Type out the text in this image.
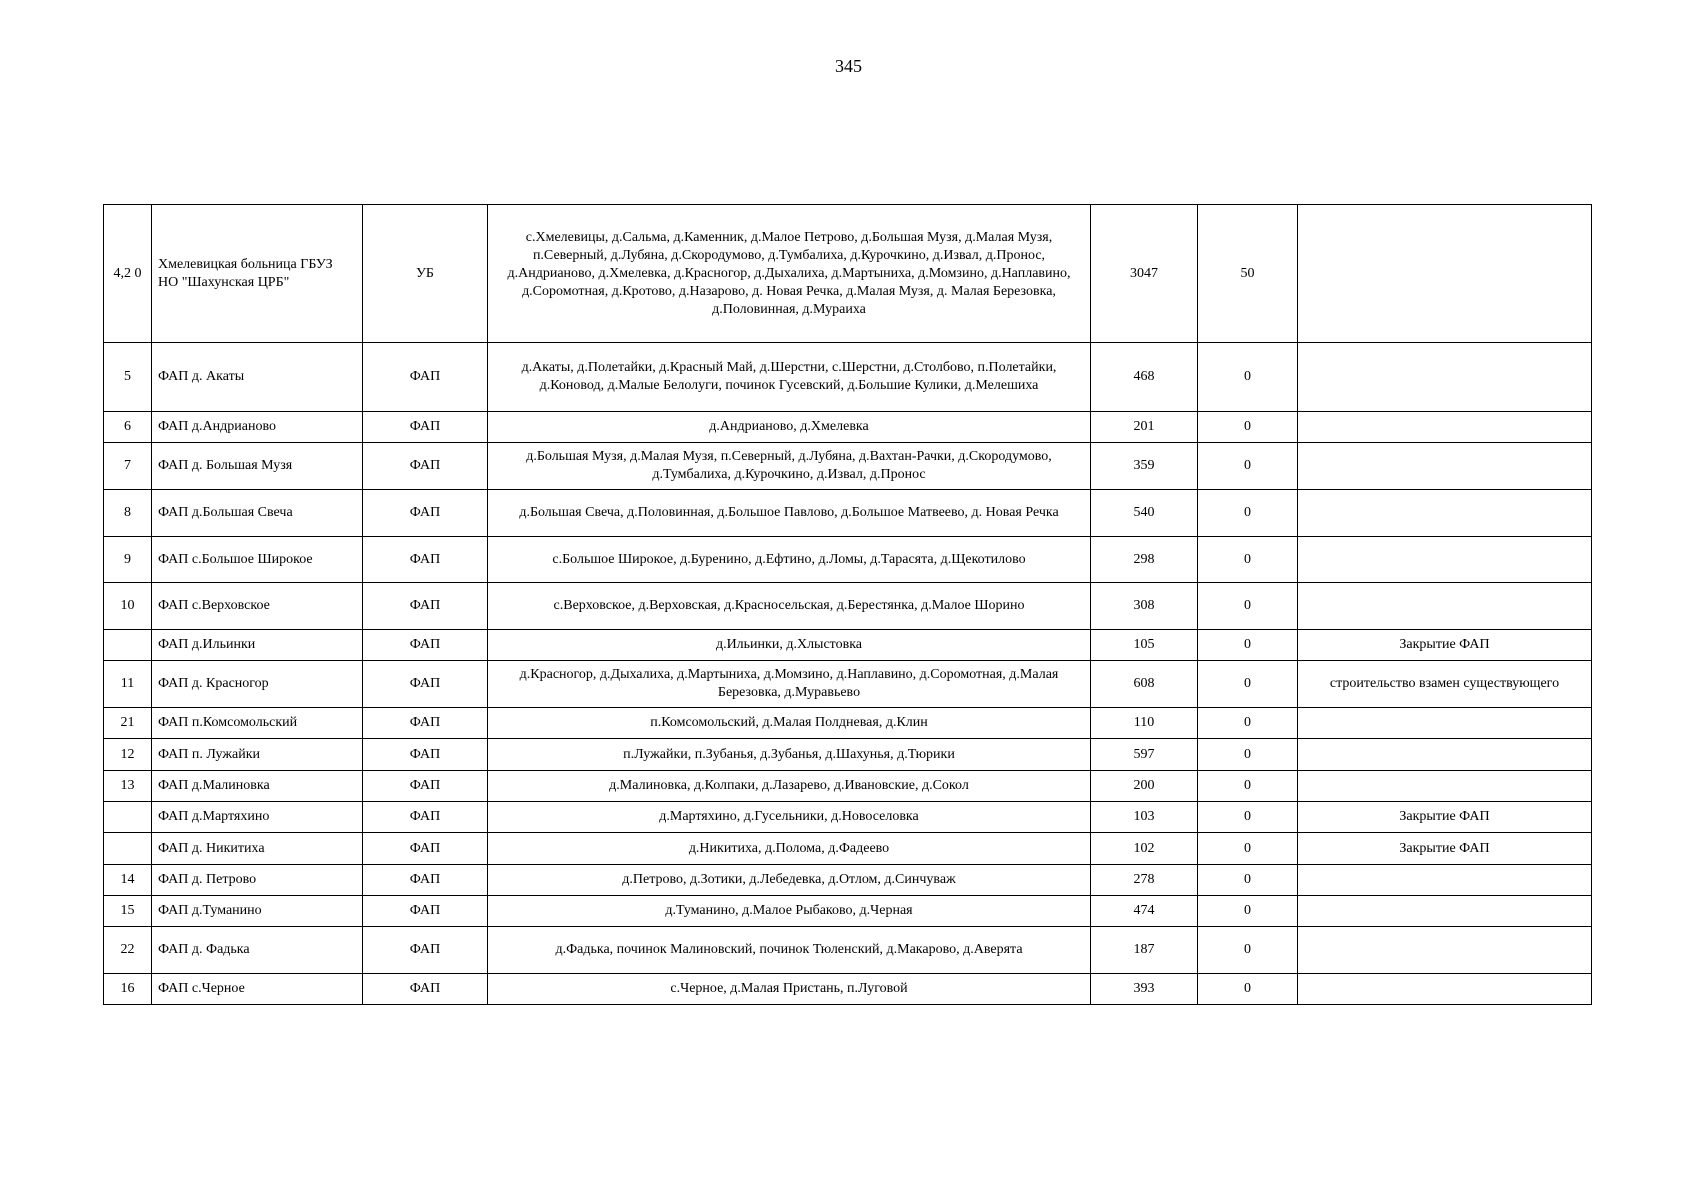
345
4,2 0	Хмелевицкая больница ГБУЗ НО "Шахунская ЦРБ"	УБ	с.Хмелевицы, д.Сальма, д.Каменник, д.Малое Петрово, д.Большая Музя, д.Малая Музя, п.Северный, д.Лубяна, д.Скородумово, д.Тумбалиха, д.Курочкино, д.Извал, д.Пронос, д.Андрианово, д.Хмелевка, д.Красногор, д.Дыхалиха, д.Мартыниха, д.Момзино, д.Наплавино, д.Соромотная, д.Кротово, д.Назарово, д. Новая Речка, д.Малая Музя, д. Малая Березовка, д.Половинная, д.Мураиха	3047	50	
5	ФАП д. Акаты	ФАП	д.Акаты, д.Полетайки, д.Красный Май, д.Шерстни, с.Шерстни, д.Столбово, п.Полетайки, д.Коновод, д.Малые Белолуги, починок Гусевский, д.Большие Кулики, д.Мелешиха	468	0	
6	ФАП д.Андрианово	ФАП	д.Андрианово, д.Хмелевка	201	0	
7	ФАП д. Большая Музя	ФАП	д.Большая Музя, д.Малая Музя, п.Северный, д.Лубяна, д.Вахтан-Рачки, д.Скородумово, д.Тумбалиха, д.Курочкино, д.Извал, д.Пронос	359	0	
8	ФАП д.Большая Свеча	ФАП	д.Большая Свеча, д.Половинная, д.Большое Павлово, д.Большое Матвеево, д. Новая Речка	540	0	
9	ФАП с.Большое Широкое	ФАП	с.Большое Широкое, д.Буренино, д.Ефтино, д.Ломы, д.Тарасята, д.Щекотилово	298	0	
10	ФАП с.Верховское	ФАП	с.Верховское, д.Верховская, д.Красносельская, д.Берестянка, д.Малое Шорино	308	0	
	ФАП д.Ильинки	ФАП	д.Ильинки, д.Хлыстовка	105	0	Закрытие ФАП
11	ФАП д. Красногор	ФАП	д.Красногор, д.Дыхалиха, д.Мартыниха, д.Момзино, д.Наплавино, д.Соромотная, д.Малая Березовка, д.Муравьево	608	0	строительство взамен существующего
21	ФАП п.Комсомольский	ФАП	п.Комсомольский, д.Малая Полдневая, д.Клин	110	0	
12	ФАП п. Лужайки	ФАП	п.Лужайки, п.Зубанья, д.Зубанья, д.Шахунья, д.Тюрики	597	0	
13	ФАП д.Малиновка	ФАП	д.Малиновка, д.Колпаки, д.Лазарево, д.Ивановские, д.Сокол	200	0	
	ФАП д.Мартяхино	ФАП	д.Мартяхино, д.Гусельники, д.Новоселовка	103	0	Закрытие ФАП
	ФАП д. Никитиха	ФАП	д.Никитиха, д.Полома, д.Фадеево	102	0	Закрытие ФАП
14	ФАП д. Петрово	ФАП	д.Петрово, д.Зотики, д.Лебедевка, д.Отлом, д.Синчуваж	278	0	
15	ФАП д.Туманино	ФАП	д.Туманино, д.Малое Рыбаково, д.Черная	474	0	
22	ФАП д. Фадька	ФАП	д.Фадька, починок Малиновский, починок Тюленский, д.Макарово, д.Аверята	187	0	
16	ФАП с.Черное	ФАП	с.Черное, д.Малая Пристань, п.Луговой	393	0	
